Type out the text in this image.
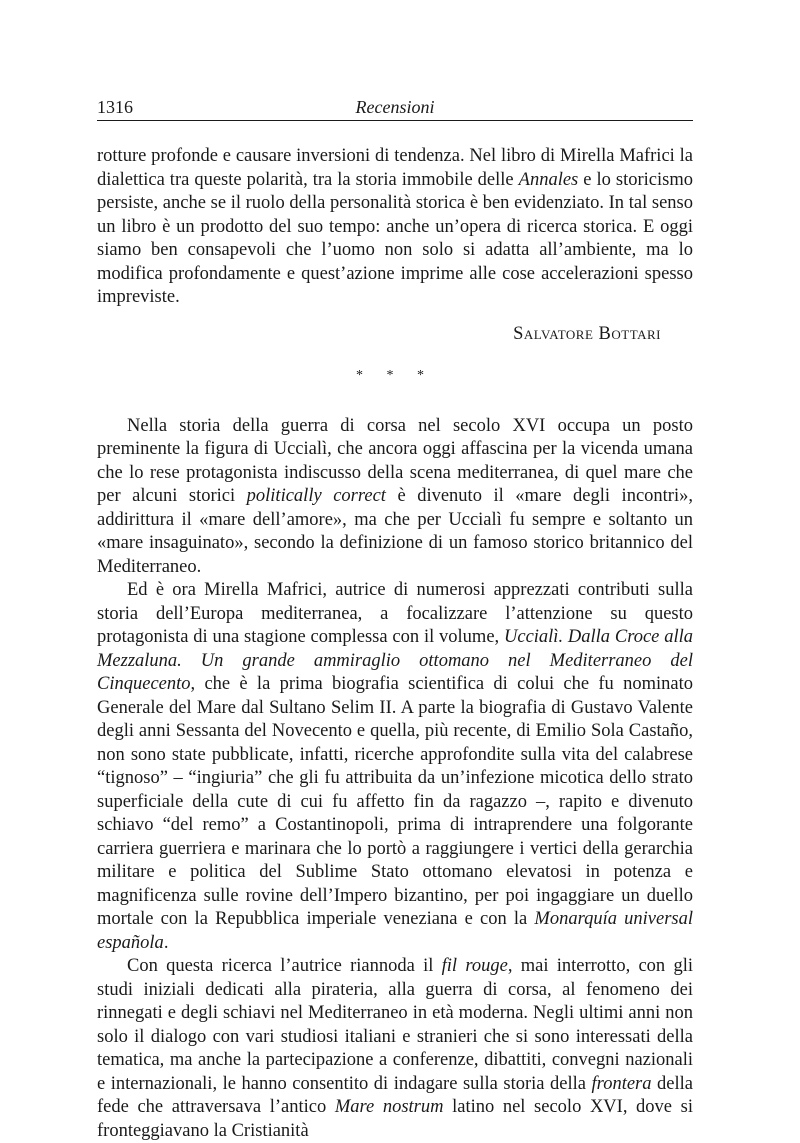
1316	Recensioni

rotture profonde e causare inversioni di tendenza. Nel libro di Mirella Mafrici la dialettica tra queste polarità, tra la storia immobile delle Annales e lo storicismo persiste, anche se il ruolo della personalità storica è ben evidenziato. In tal senso un libro è un prodotto del suo tempo: anche un’opera di ricerca storica. E oggi siamo ben consapevoli che l’uomo non solo si adatta all’ambiente, ma lo modifica profondamente e quest’azione imprime alle cose accelerazioni spesso impreviste.

Salvatore Bottari
* * *

Nella storia della guerra di corsa nel secolo XVI occupa un posto preminente la figura di Uccialì, che ancora oggi affascina per la vicenda umana che lo rese protagonista indiscusso della scena mediterranea, di quel mare che per alcuni storici politically correct è divenuto il «mare degli incontri», addirittura il «mare dell’amore», ma che per Uccialì fu sempre e soltanto un «mare insaguinato», secondo la definizione di un famoso storico britannico del Mediterraneo.

Ed è ora Mirella Mafrici, autrice di numerosi apprezzati contributi sulla storia dell’Europa mediterranea, a focalizzare l’attenzione su questo protagonista di una stagione complessa con il volume, Uccialì. Dalla Croce alla Mezzaluna. Un grande ammiraglio ottomano nel Mediterraneo del Cinquecento, che è la prima biografia scientifica di colui che fu nominato Generale del Mare dal Sultano Selim II. A parte la biografia di Gustavo Valente degli anni Sessanta del Novecento e quella, più recente, di Emilio Sola Castaño, non sono state pubblicate, infatti, ricerche approfondite sulla vita del calabrese “tignoso” – “ingiuria” che gli fu attribuita da un’infezione micotica dello strato superficiale della cute di cui fu affetto fin da ragazzo –, rapito e divenuto schiavo “del remo” a Costantinopoli, prima di intraprendere una folgorante carriera guerriera e marinara che lo portò a raggiungere i vertici della gerarchia militare e politica del Sublime Stato ottomano elevatosi in potenza e magnificenza sulle rovine dell’Impero bizantino, per poi ingaggiare un duello mortale con la Repubblica imperiale veneziana e con la Monarquía universal española.

Con questa ricerca l’autrice riannoda il fil rouge, mai interrotto, con gli studi iniziali dedicati alla pirateria, alla guerra di corsa, al fenomeno dei rinnegati e degli schiavi nel Mediterraneo in età moderna. Negli ultimi anni non solo il dialogo con vari studiosi italiani e stranieri che si sono interessati della tematica, ma anche la partecipazione a conferenze, dibattiti, convegni nazionali e internazionali, le hanno consentito di indagare sulla storia della frontera della fede che attraversava l’antico Mare nostrum latino nel secolo XVI, dove si fronteggiavano la Cristianità
